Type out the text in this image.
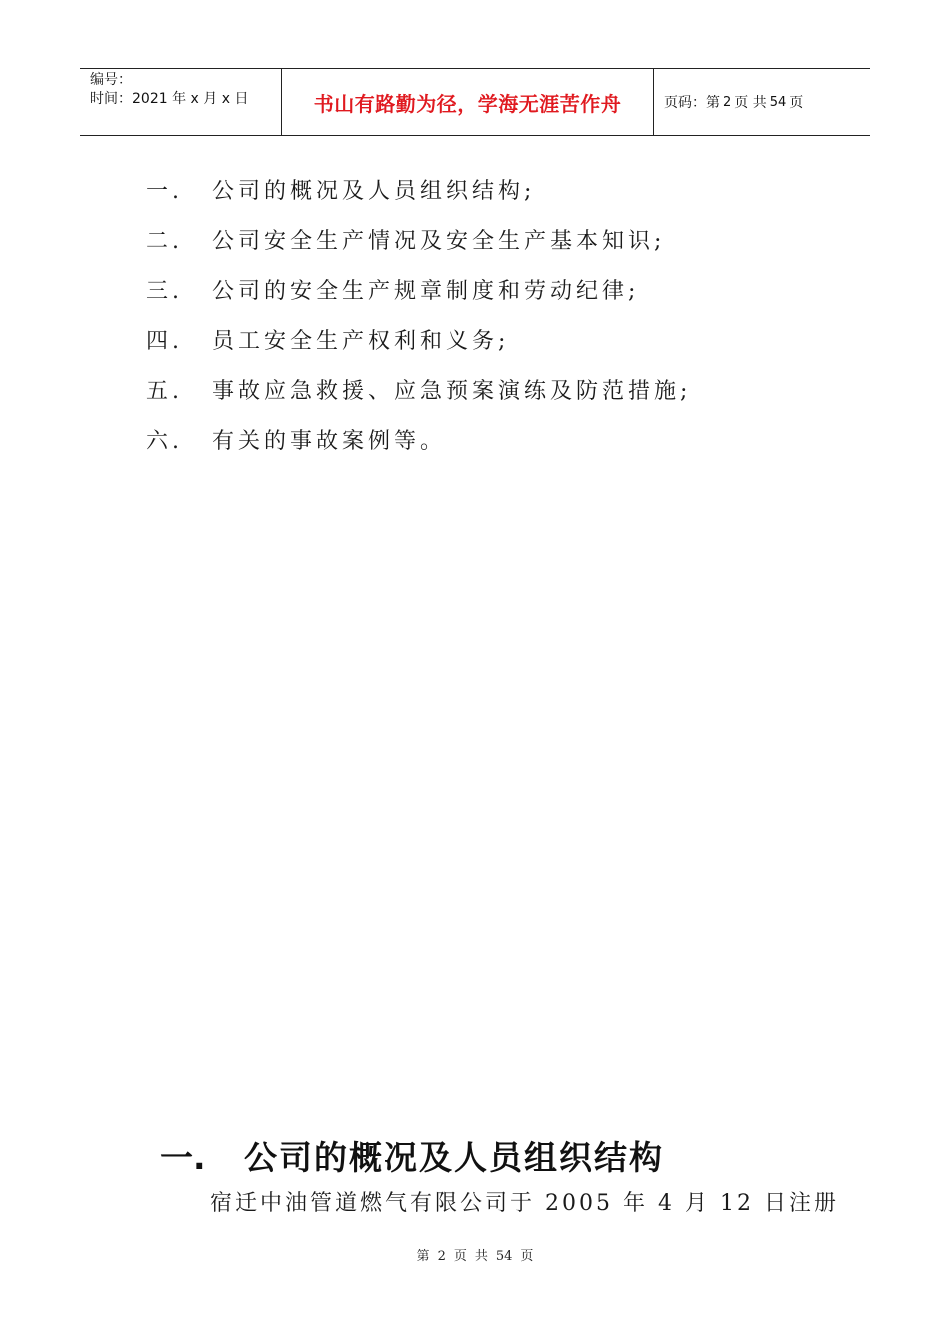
编号：
时间：2021 年 x 月 x 日	书山有路勤为径，学海无涯苦作舟	页码：第 2 页 共 54 页
一.	公司的概况及人员组织结构;
二.	公司安全生产情况及安全生产基本知识;
三.	公司的安全生产规章制度和劳动纪律;
四.	员工安全生产权利和义务;
五.	事故应急救援、应急预案演练及防范措施;
六.	有关的事故案例等。
一.	公司的概况及人员组织结构
宿迁中油管道燃气有限公司于 2005 年 4 月 12 日注册
第 2 页 共 54 页
